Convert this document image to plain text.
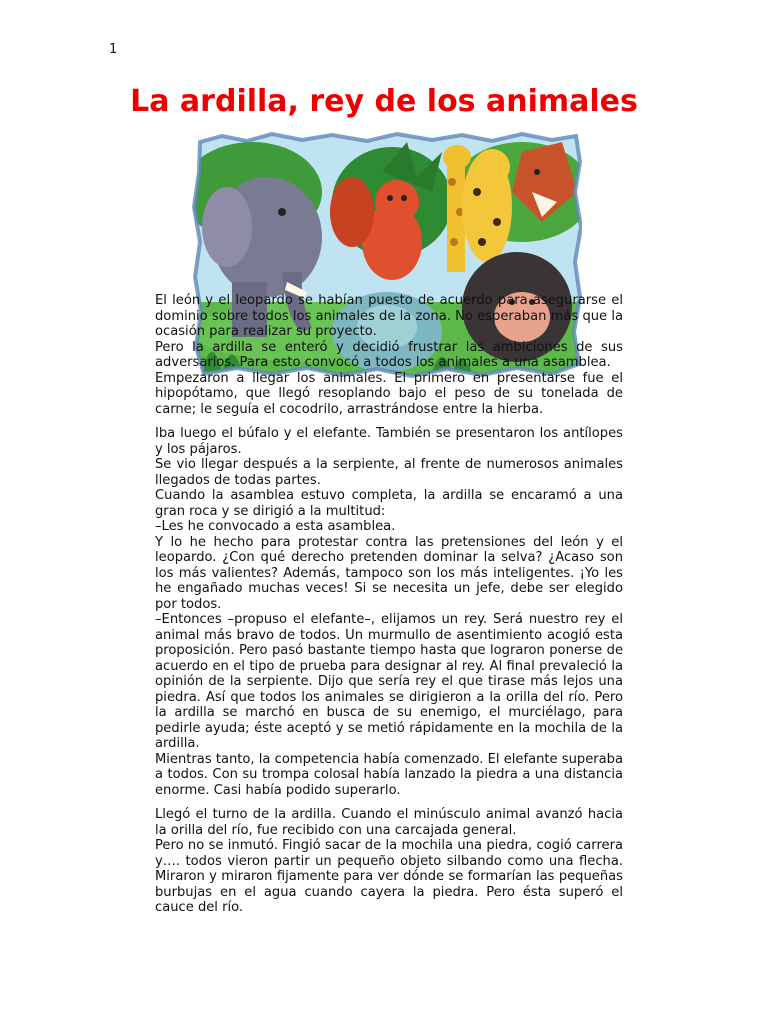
1
La ardilla, rey de los animales

El león y el leopardo se habían puesto de acuerdo para asegurarse el dominio sobre todos los animales de la zona. No esperaban más que la ocasión para realizar su proyecto.

Pero la ardilla se enteró y decidió frustrar las ambiciones de sus adversarios. Para esto convocó a todos los animales a una asamblea.

Empezaron a llegar los animales. El primero en presentarse fue el hipopótamo, que llegó resoplando bajo el peso de su tonelada de carne; le seguía el cocodrilo, arrastrándose entre la hierba.

Iba luego el búfalo y el elefante. También se presentaron los antílopes y los pájaros.

Se vio llegar después a la serpiente, al frente de numerosos animales llegados de todas partes.

Cuando la asamblea estuvo completa, la ardilla se encaramó a una gran roca y se dirigió a la multitud:

–Les he convocado a esta asamblea.

Y lo he hecho para protestar contra las pretensiones del león y el leopardo. ¿Con qué derecho pretenden dominar la selva? ¿Acaso son los más valientes? Además, tampoco son los más inteligentes. ¡Yo les he engañado muchas veces! Si se necesita un jefe, debe ser elegido por todos.

–Entonces –propuso el elefante–, elijamos un rey. Será nuestro rey el animal más bravo de todos. Un murmullo de asentimiento acogió esta proposición. Pero pasó bastante tiempo hasta que lograron ponerse de acuerdo en el tipo de prueba para designar al rey. Al final prevaleció la opinión de la serpiente. Dijo que sería rey el que tirase más lejos una piedra. Así que todos los animales se dirigieron a la orilla del río. Pero la ardilla se marchó en busca de su enemigo, el murciélago, para pedirle ayuda; éste aceptó y se metió rápidamente en la mochila de la ardilla.

Mientras tanto, la competencia había comenzado. El elefante superaba a todos. Con su trompa colosal había lanzado la piedra a una distancia enorme. Casi había podido superarlo.

Llegó el turno de la ardilla. Cuando el minúsculo animal avanzó hacia la orilla del río, fue recibido con una carcajada general.

Pero no se inmutó. Fingió sacar de la mochila una piedra, cogió carrera y…. todos vieron partir un pequeño objeto silbando como una flecha. Miraron y miraron fijamente para ver dónde se formarían las pequeñas burbujas en el agua cuando cayera la piedra. Pero ésta superó el cauce del río.
